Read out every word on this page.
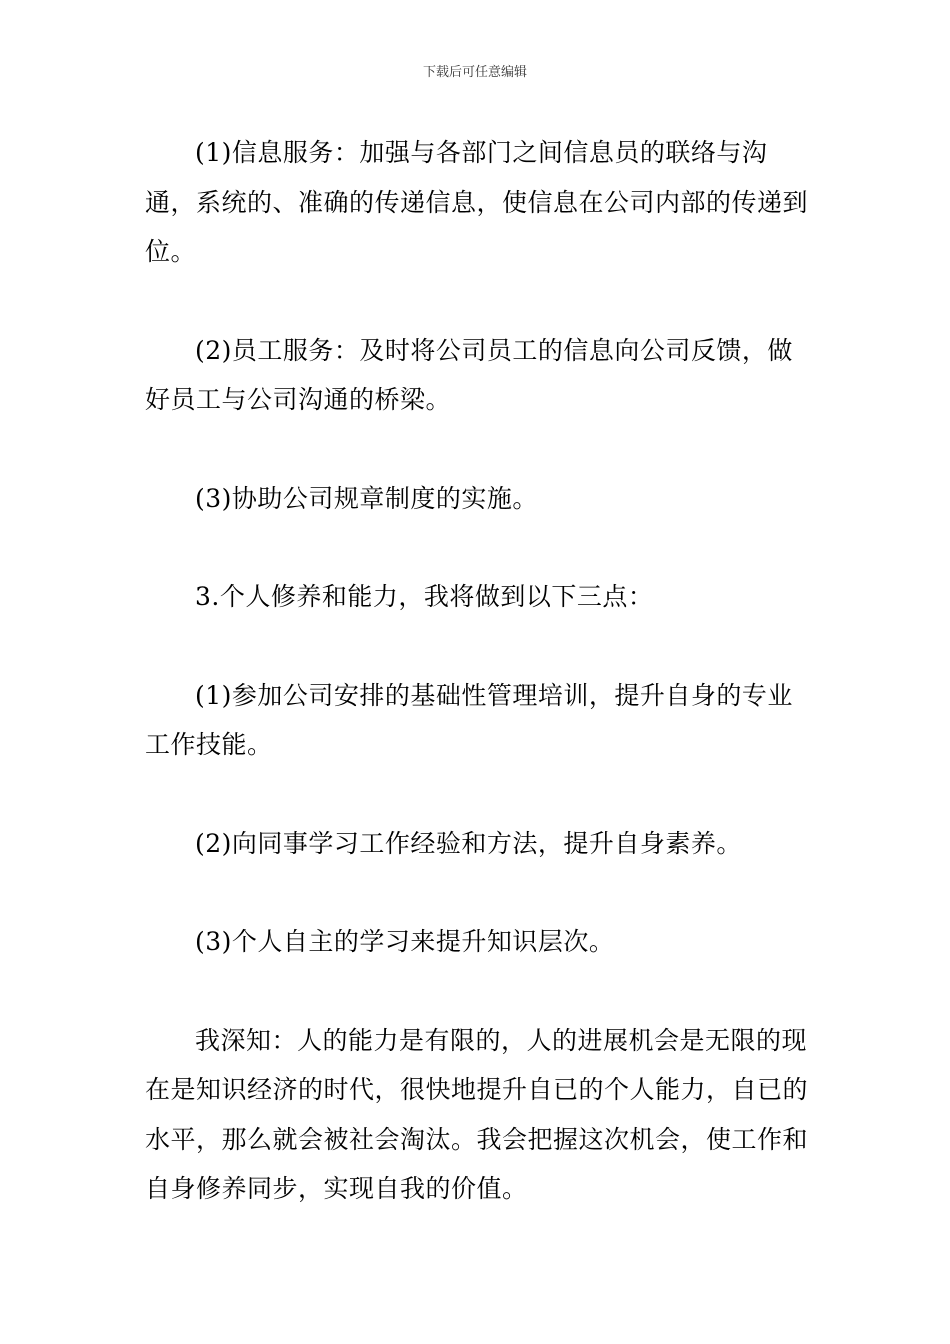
下载后可任意编辑

(1)信息服务：加强与各部门之间信息员的联络与沟通，系统的、准确的传递信息，使信息在公司内部的传递到位。

(2)员工服务：及时将公司员工的信息向公司反馈，做好员工与公司沟通的桥梁。

(3)协助公司规章制度的实施。

3.个人修养和能力，我将做到以下三点：

(1)参加公司安排的基础性管理培训，提升自身的专业工作技能。

(2)向同事学习工作经验和方法，提升自身素养。

(3)个人自主的学习来提升知识层次。

我深知：人的能力是有限的，人的进展机会是无限的现在是知识经济的时代，很快地提升自已的个人能力，自已的水平，那么就会被社会淘汰。我会把握这次机会，使工作和自身修养同步，实现自我的价值。
